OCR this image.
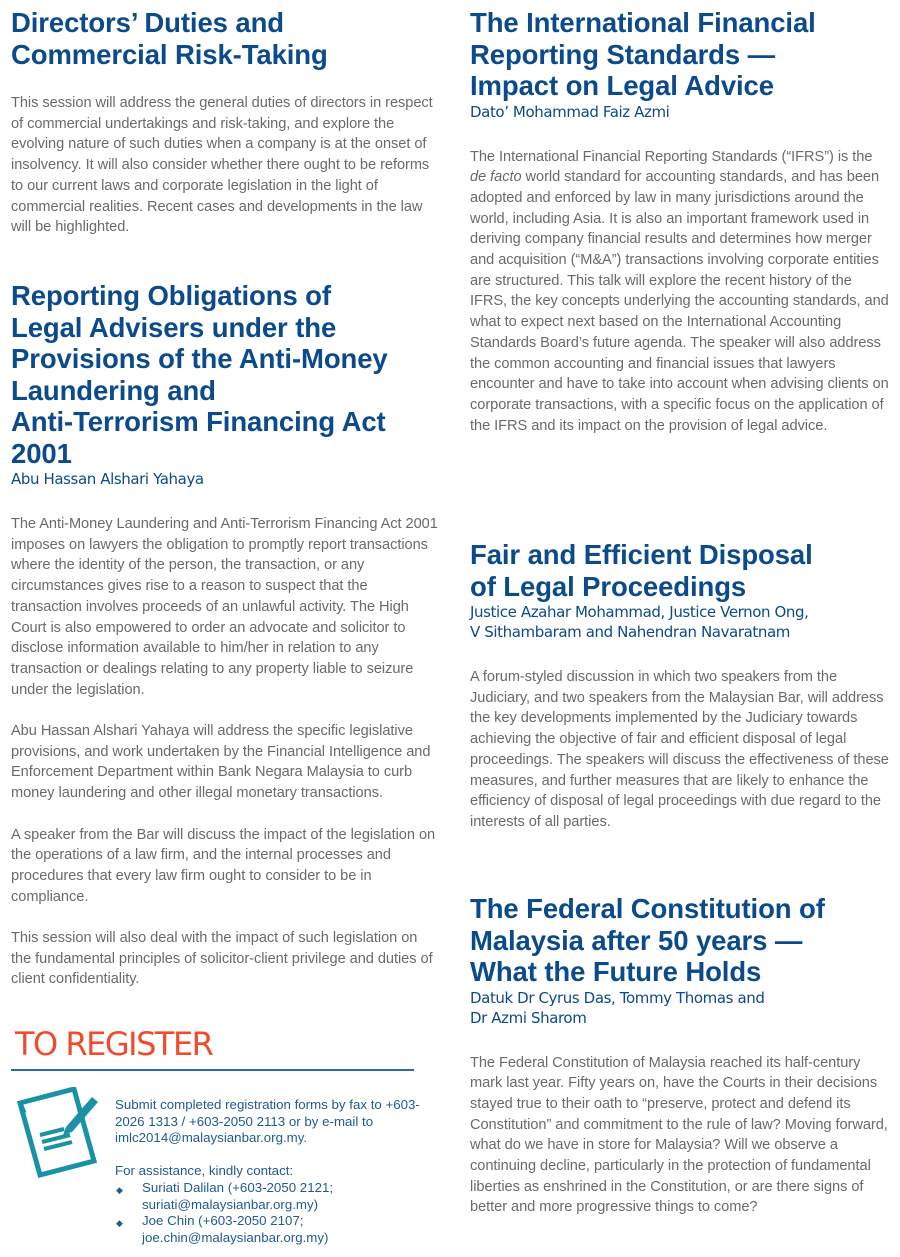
Directors’ Duties and
Commercial Risk-Taking

This session will address the general duties of directors in respect of commercial undertakings and risk-taking, and explore the evolving nature of such duties when a company is at the onset of insolvency. It will also consider whether there ought to be reforms to our current laws and corporate legislation in the light of commercial realities. Recent cases and developments in the law will be highlighted.

Reporting Obligations of
Legal Advisers under the
Provisions of the Anti-Money
Laundering and
Anti-Terrorism Financing Act
2001
Abu Hassan Alshari Yahaya

The Anti-Money Laundering and Anti-Terrorism Financing Act 2001 imposes on lawyers the obligation to promptly report transactions where the identity of the person, the transaction, or any circumstances gives rise to a reason to suspect that the transaction involves proceeds of an unlawful activity. The High Court is also empowered to order an advocate and solicitor to disclose information available to him/her in relation to any transaction or dealings relating to any property liable to seizure under the legislation.

Abu Hassan Alshari Yahaya will address the specific legislative provisions, and work undertaken by the Financial Intelligence and Enforcement Department within Bank Negara Malaysia to curb money laundering and other illegal monetary transactions.

A speaker from the Bar will discuss the impact of the legislation on the operations of a law firm, and the internal processes and procedures that every law firm ought to consider to be in compliance.

This session will also deal with the impact of such legislation on the fundamental principles of solicitor-client privilege and duties of client confidentiality.

TO REGISTER

Submit completed registration forms by fax to +603-2026 1313 / +603-2050 2113 or by e-mail to imlc2014@malaysianbar.org.my.

For assistance, kindly contact:

◆ Suriati Dalilan (+603-2050 2121;
suriati@malaysianbar.org.my)
◆ Joe Chin (+603-2050 2107;
joe.chin@malaysianbar.org.my)
The International Financial
Reporting Standards —
Impact on Legal Advice
Dato’ Mohammad Faiz Azmi

The International Financial Reporting Standards (“IFRS”) is the de facto world standard for accounting standards, and has been adopted and enforced by law in many jurisdictions around the world, including Asia. It is also an important framework used in deriving company financial results and determines how merger and acquisition (“M&A”) transactions involving corporate entities are structured. This talk will explore the recent history of the IFRS, the key concepts underlying the accounting standards, and what to expect next based on the International Accounting Standards Board’s future agenda. The speaker will also address the common accounting and financial issues that lawyers encounter and have to take into account when advising clients on corporate transactions, with a specific focus on the application of the IFRS and its impact on the provision of legal advice.

Fair and Efficient Disposal
of Legal Proceedings
Justice Azahar Mohammad, Justice Vernon Ong,
V Sithambaram and Nahendran Navaratnam

A forum-styled discussion in which two speakers from the Judiciary, and two speakers from the Malaysian Bar, will address the key developments implemented by the Judiciary towards achieving the objective of fair and efficient disposal of legal proceedings. The speakers will discuss the effectiveness of these measures, and further measures that are likely to enhance the efficiency of disposal of legal proceedings with due regard to the interests of all parties.

The Federal Constitution of
Malaysia after 50 years —
What the Future Holds
Datuk Dr Cyrus Das, Tommy Thomas and
Dr Azmi Sharom

The Federal Constitution of Malaysia reached its half-century mark last year. Fifty years on, have the Courts in their decisions stayed true to their oath to “preserve, protect and defend its Constitution” and commitment to the rule of law? Moving forward, what do we have in store for Malaysia? Will we observe a continuing decline, particularly in the protection of fundamental liberties as enshrined in the Constitution, or are there signs of better and more progressive things to come?
